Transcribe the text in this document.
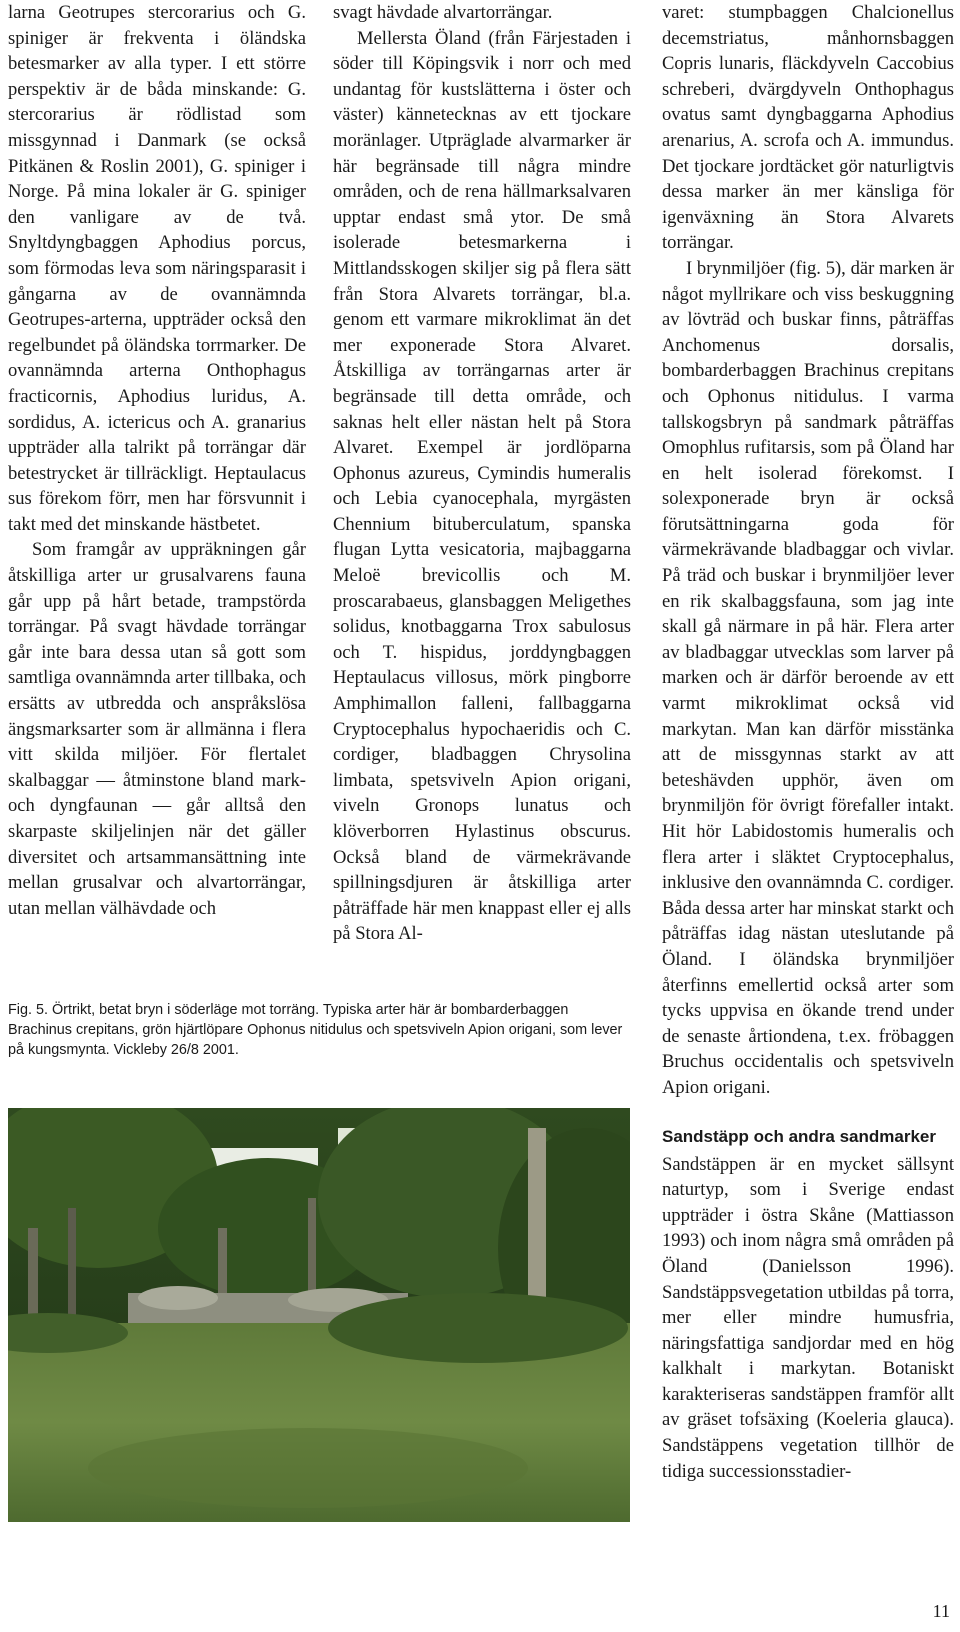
larna Geotrupes stercorarius och G. spiniger är frekventa i öländska betesmarker av alla typer. I ett större perspektiv är de båda minskande: G. stercorarius är rödlistad som missgynnad i Danmark (se också Pitkänen & Roslin 2001), G. spiniger i Norge. På mina lokaler är G. spiniger den vanligare av de två. Snyltdyngbaggen Aphodius porcus, som förmodas leva som näringsparasit i gångarna av de ovannämnda Geotrupes-arterna, uppträder också den regelbundet på öländska torrmarker. De ovannämnda arterna Onthophagus fracticornis, Aphodius luridus, A. sordidus, A. ictericus och A. granarius uppträder alla talrikt på torrängar där betestrycket är tillräckligt. Heptaulacus sus förekom förr, men har försvunnit i takt med det minskande hästbetet.

Som framgår av uppräkningen går åtskilliga arter ur grusalvarens fauna går upp på hårt betade, trampstörda torrängar. På svagt hävdade torrängar går inte bara dessa utan så gott som samtliga ovannämnda arter tillbaka, och ersätts av utbredda och anspråkslösa ängsmarksarter som är allmänna i flera vitt skilda miljöer. För flertalet skalbaggar — åtminstone bland mark- och dyngfaunan — går alltså den skarpaste skiljelinjen när det gäller diversitet och artsammansättning inte mellan grusalvar och alvartorrängar, utan mellan välhävdade och

svagt hävdade alvartorrängar.

Mellersta Öland (från Färjestaden i söder till Köpingsvik i norr och med undantag för kustslätterna i öster och väster) kännetecknas av ett tjockare moränlager. Utpräglade alvarmarker är här begränsade till några mindre områden, och de rena hällmarksalvaren upptar endast små ytor. De små isolerade betesmarkerna i Mittlandsskogen skiljer sig på flera sätt från Stora Alvarets torrängar, bl.a. genom ett varmare mikroklimat än det mer exponerade Stora Alvaret. Åtskilliga av torrängarnas arter är begränsade till detta område, och saknas helt eller nästan helt på Stora Alvaret. Exempel är jordlöparna Ophonus azureus, Cymindis humeralis och Lebia cyanocephala, myrgästen Chennium bituberculatum, spanska flugan Lytta vesicatoria, majbaggarna Meloë brevicollis och M. proscarabaeus, glansbaggen Meligethes solidus, knotbaggarna Trox sabulosus och T. hispidus, jorddyngbaggen Heptaulacus villosus, mörk pingborre Amphimallon falleni, fallbaggarna Cryptocephalus hypochaeridis och C. cordiger, bladbaggen Chrysolina limbata, spetsviveln Apion origani, viveln Gronops lunatus och klöverborren Hylastinus obscurus. Också bland de värmekrävande spillningsdjuren är åtskilliga arter påträffade här men knappast eller ej alls på Stora Al-

varet: stumpbaggen Chalcionellus decemstriatus, månhornsbaggen Copris lunaris, fläckdyveln Caccobius schreberi, dvärgdyveln Onthophagus ovatus samt dyngbaggarna Aphodius arenarius, A. scrofa och A. immundus. Det tjockare jordtäcket gör naturligtvis dessa marker än mer känsliga för igenväxning än Stora Alvarets torrängar.

I brynmiljöer (fig. 5), där marken är något myllrikare och viss beskuggning av lövträd och buskar finns, påträffas Anchomenus dorsalis, bombarderbaggen Brachinus crepitans och Ophonus nitidulus. I varma tallskogsbryn på sandmark påträffas Omophlus rufitarsis, som på Öland har en helt isolerad förekomst. I solexponerade bryn är också förutsättningarna goda för värmekrävande bladbaggar och vivlar. På träd och buskar i brynmiljöer lever en rik skalbaggsfauna, som jag inte skall gå närmare in på här. Flera arter av bladbaggar utvecklas som larver på marken och är därför beroende av ett varmt mikroklimat också vid markytan. Man kan därför misstänka att de missgynnas starkt av att beteshävden upphör, även om brynmiljön för övrigt förefaller intakt. Hit hör Labidostomis humeralis och flera arter i släktet Cryptocephalus, inklusive den ovannämnda C. cordiger. Båda dessa arter har minskat starkt och påträffas idag nästan uteslutande på Öland. I öländska brynmiljöer återfinns emellertid också arter som tycks uppvisa en ökande trend under de senaste årtiondena, t.ex. fröbaggen Bruchus occidentalis och spetsviveln Apion origani.

Sandstäpp och andra sandmarker

Sandstäppen är en mycket sällsynt naturtyp, som i Sverige endast uppträder i östra Skåne (Mattiasson 1993) och inom några små områden på Öland (Danielsson 1996). Sandstäppsvegetation utbildas på torra, mer eller mindre humusfria, näringsfattiga sandjordar med en hög kalkhalt i markytan. Botaniskt karakteriseras sandstäppen framför allt av gräset tofsäxing (Koeleria glauca). Sandstäppens vegetation tillhör de tidiga successionsstadier-

Fig. 5. Örtrikt, betat bryn i söderläge mot torräng. Typiska arter här är bombarderbaggen Brachinus crepitans, grön hjärtlöpare Ophonus nitidulus och spetsviveln Apion origani, som lever på kungsmynta. Vickleby 26/8 2001.
11
